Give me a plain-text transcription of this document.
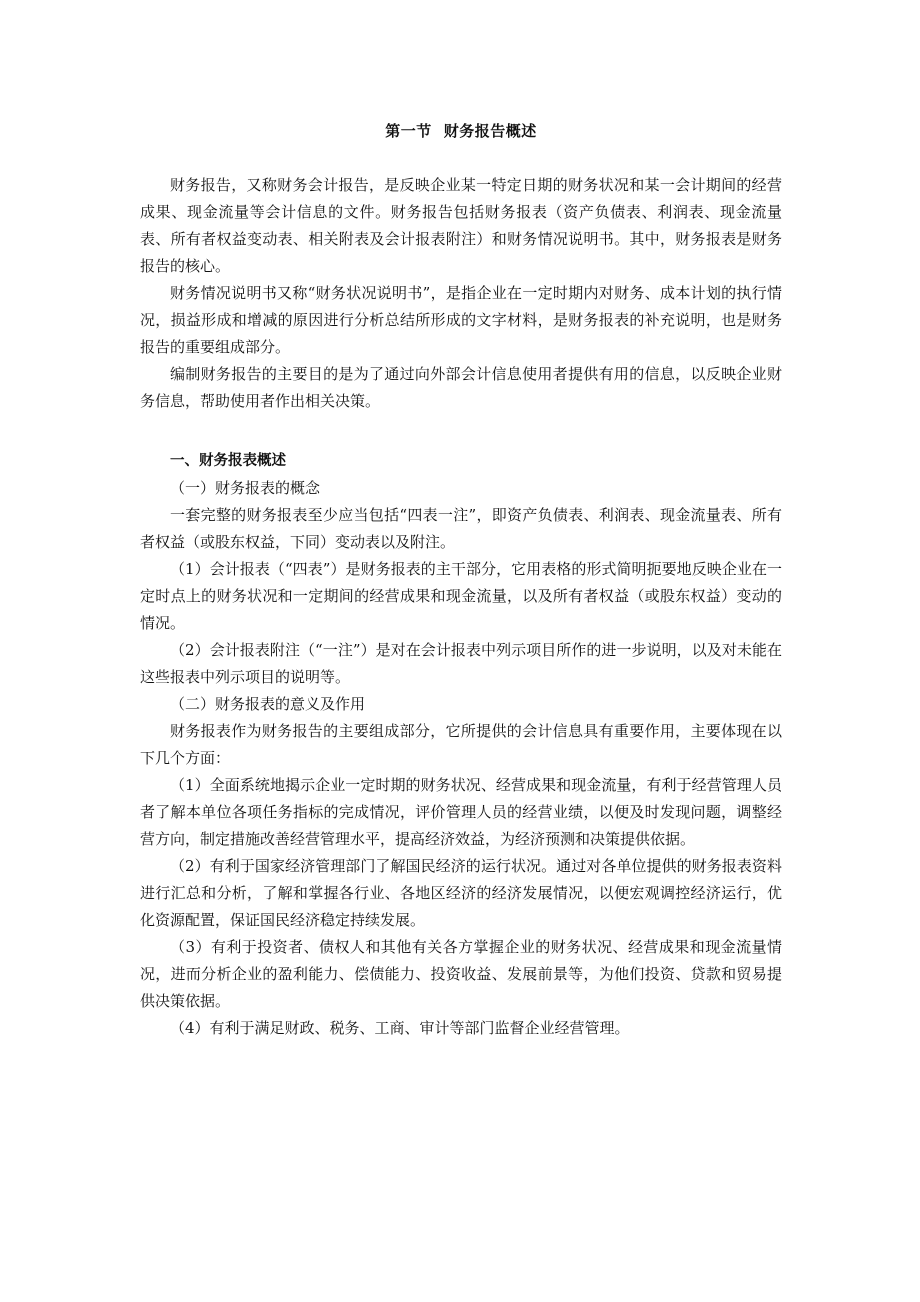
第一节 财务报告概述

财务报告，又称财务会计报告，是反映企业某一特定日期的财务状况和某一会计期间的经营成果、现金流量等会计信息的文件。财务报告包括财务报表（资产负债表、利润表、现金流量表、所有者权益变动表、相关附表及会计报表附注）和财务情况说明书。其中，财务报表是财务报告的核心。

财务情况说明书又称“财务状况说明书”，是指企业在一定时期内对财务、成本计划的执行情况，损益形成和增减的原因进行分析总结所形成的文字材料，是财务报表的补充说明，也是财务报告的重要组成部分。

编制财务报告的主要目的是为了通过向外部会计信息使用者提供有用的信息，以反映企业财务信息，帮助使用者作出相关决策。

一、财务报表概述
（一）财务报表的概念

一套完整的财务报表至少应当包括“四表一注”，即资产负债表、利润表、现金流量表、所有者权益（或股东权益，下同）变动表以及附注。

（1）会计报表（“四表”）是财务报表的主干部分，它用表格的形式简明扼要地反映企业在一定时点上的财务状况和一定期间的经营成果和现金流量，以及所有者权益（或股东权益）变动的情况。

（2）会计报表附注（“一注”）是对在会计报表中列示项目所作的进一步说明，以及对未能在这些报表中列示项目的说明等。

（二）财务报表的意义及作用

财务报表作为财务报告的主要组成部分，它所提供的会计信息具有重要作用，主要体现在以下几个方面：

（1）全面系统地揭示企业一定时期的财务状况、经营成果和现金流量，有利于经营管理人员者了解本单位各项任务指标的完成情况，评价管理人员的经营业绩，以便及时发现问题，调整经营方向，制定措施改善经营管理水平，提高经济效益，为经济预测和决策提供依据。

（2）有利于国家经济管理部门了解国民经济的运行状况。通过对各单位提供的财务报表资料进行汇总和分析，了解和掌握各行业、各地区经济的经济发展情况，以便宏观调控经济运行，优化资源配置，保证国民经济稳定持续发展。

（3）有利于投资者、债权人和其他有关各方掌握企业的财务状况、经营成果和现金流量情况，进而分析企业的盈利能力、偿债能力、投资收益、发展前景等，为他们投资、贷款和贸易提供决策依据。

（4）有利于满足财政、税务、工商、审计等部门监督企业经营管理。
